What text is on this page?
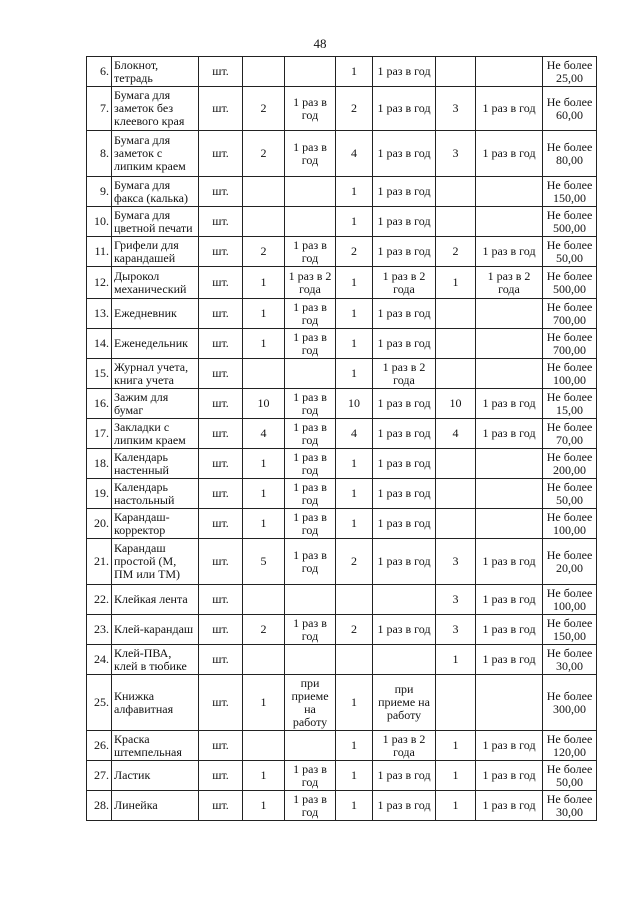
48
6.	Блокнот, тетрадь	шт.			1	1 раз в год			Не более 25,00
7.	Бумага для заметок без клеевого края	шт.	2	1 раз в год	2	1 раз в год	3	1 раз в год	Не более 60,00
8.	Бумага для заметок с липким краем	шт.	2	1 раз в год	4	1 раз в год	3	1 раз в год	Не более 80,00
9.	Бумага для факса (калька)	шт.			1	1 раз в год			Не более 150,00
10.	Бумага для цветной печати	шт.			1	1 раз в год			Не более 500,00
11.	Грифели для карандашей	шт.	2	1 раз в год	2	1 раз в год	2	1 раз в год	Не более 50,00
12.	Дырокол механический	шт.	1	1 раз в 2 года	1	1 раз в 2 года	1	1 раз в 2 года	Не более 500,00
13.	Ежедневник	шт.	1	1 раз в год	1	1 раз в год			Не более 700,00
14.	Еженедельник	шт.	1	1 раз в год	1	1 раз в год			Не более 700,00
15.	Журнал учета, книга учета	шт.			1	1 раз в 2 года			Не более 100,00
16.	Зажим для бумаг	шт.	10	1 раз в год	10	1 раз в год	10	1 раз в год	Не более 15,00
17.	Закладки с липким краем	шт.	4	1 раз в год	4	1 раз в год	4	1 раз в год	Не более 70,00
18.	Календарь настенный	шт.	1	1 раз в год	1	1 раз в год			Не более 200,00
19.	Календарь настольный	шт.	1	1 раз в год	1	1 раз в год			Не более 50,00
20.	Карандаш-корректор	шт.	1	1 раз в год	1	1 раз в год			Не более 100,00
21.	Карандаш простой (М, ПМ или ТМ)	шт.	5	1 раз в год	2	1 раз в год	3	1 раз в год	Не более 20,00
22.	Клейкая лента	шт.					3	1 раз в год	Не более 100,00
23.	Клей-карандаш	шт.	2	1 раз в год	2	1 раз в год	3	1 раз в год	Не более 150,00
24.	Клей-ПВА, клей в тюбике	шт.					1	1 раз в год	Не более 30,00
25.	Книжка алфавитная	шт.	1	при приеме на работу	1	при приеме на работу			Не более 300,00
26.	Краска штемпельная	шт.			1	1 раз в 2 года	1	1 раз в год	Не более 120,00
27.	Ластик	шт.	1	1 раз в год	1	1 раз в год	1	1 раз в год	Не более 50,00
28.	Линейка	шт.	1	1 раз в год	1	1 раз в год	1	1 раз в год	Не более 30,00
